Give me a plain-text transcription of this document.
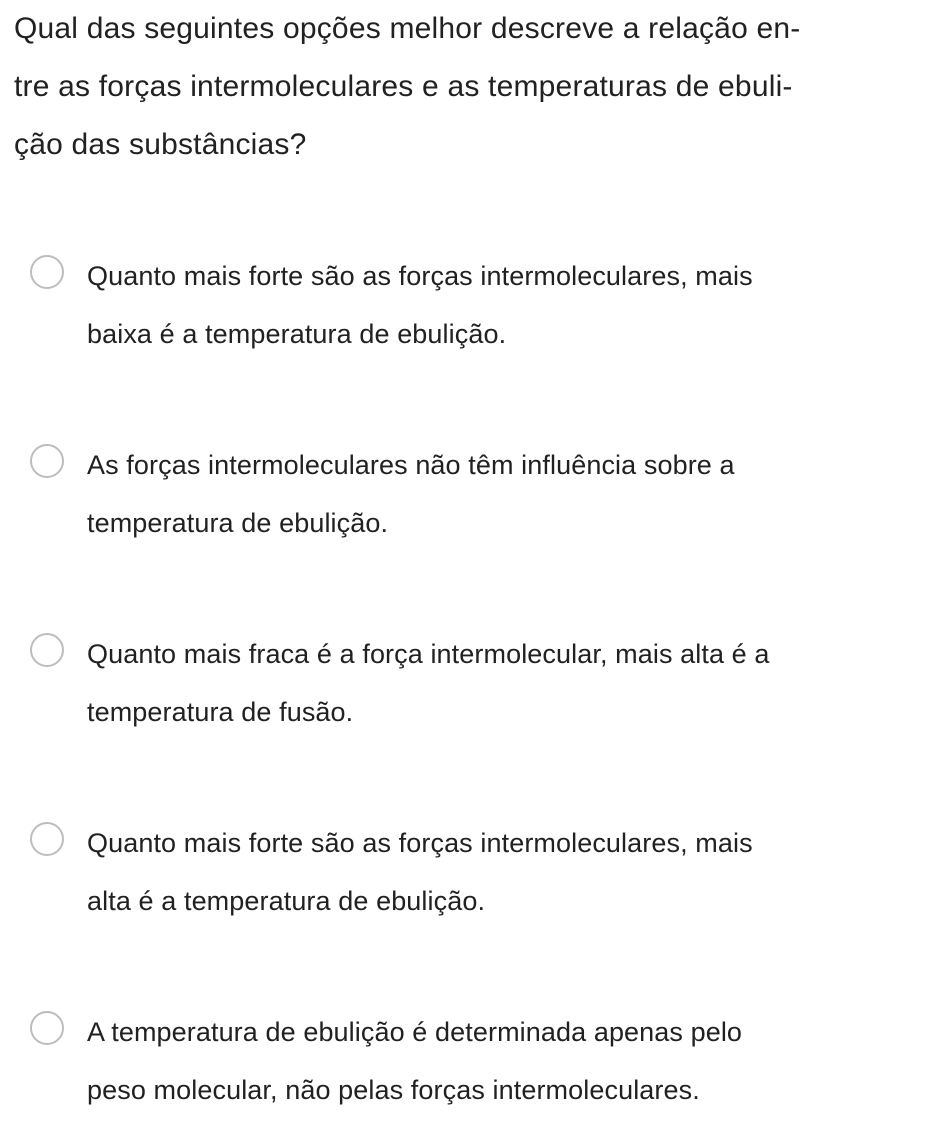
Qual das seguintes opções melhor descreve a relação en-
tre as forças intermoleculares e as temperaturas de ebuli-
ção das substâncias?
Quanto mais forte são as forças intermoleculares, mais
baixa é a temperatura de ebulição.
As forças intermoleculares não têm influência sobre a
temperatura de ebulição.
Quanto mais fraca é a força intermolecular, mais alta é a
temperatura de fusão.
Quanto mais forte são as forças intermoleculares, mais
alta é a temperatura de ebulição.
A temperatura de ebulição é determinada apenas pelo
peso molecular, não pelas forças intermoleculares.
